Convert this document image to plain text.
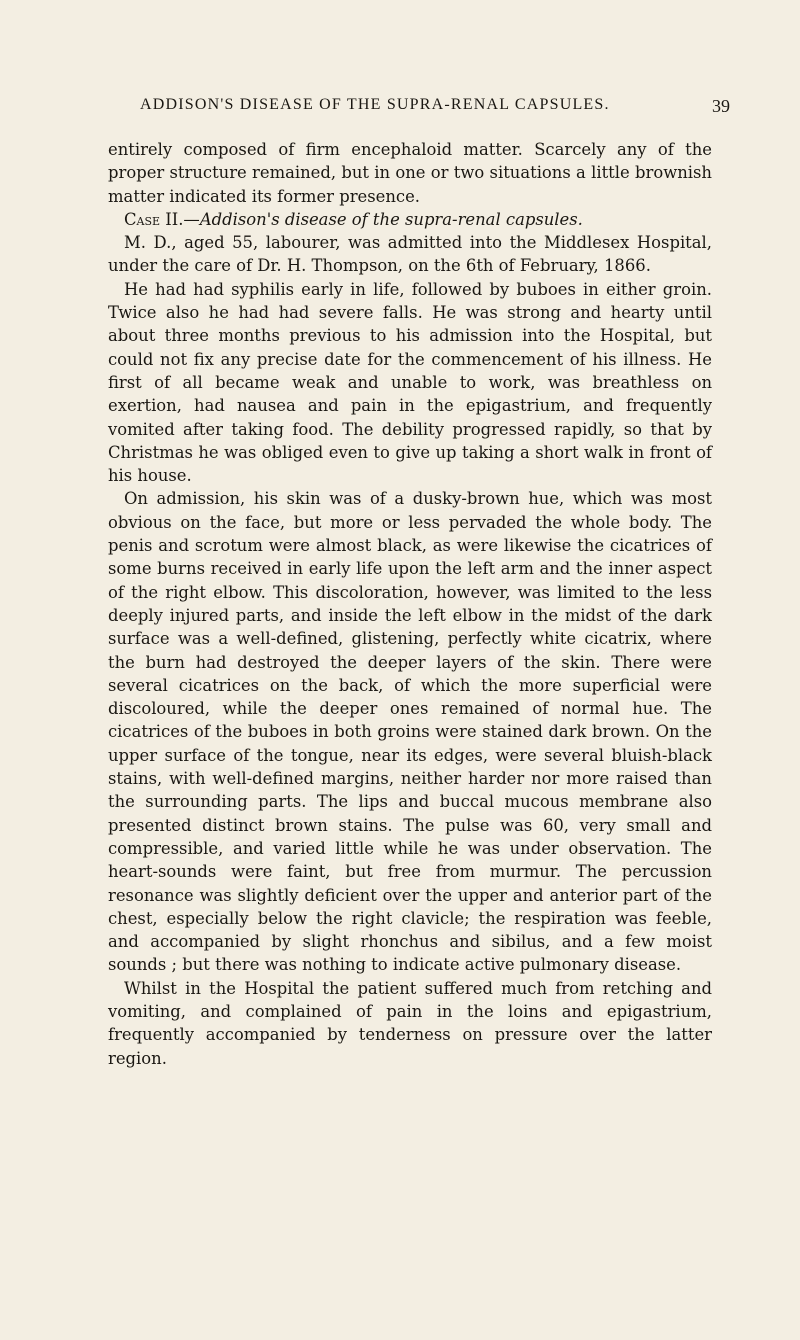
ADDISON'S DISEASE OF THE SUPRA-RENAL CAPSULES.	39

entirely composed of firm encephaloid matter. Scarcely any of the proper structure remained, but in one or two situations a little brownish matter indicated its former presence.

Case II.—Addison's disease of the supra-renal capsules.

M. D., aged 55, labourer, was admitted into the Middlesex Hospital, under the care of Dr. H. Thompson, on the 6th of February, 1866.

He had had syphilis early in life, followed by buboes in either groin. Twice also he had had severe falls. He was strong and hearty until about three months previous to his admission into the Hospital, but could not fix any precise date for the commencement of his illness. He first of all became weak and unable to work, was breathless on exertion, had nausea and pain in the epigastrium, and frequently vomited after taking food. The debility progressed rapidly, so that by Christmas he was obliged even to give up taking a short walk in front of his house.

On admission, his skin was of a dusky-brown hue, which was most obvious on the face, but more or less pervaded the whole body. The penis and scrotum were almost black, as were likewise the cicatrices of some burns received in early life upon the left arm and the inner aspect of the right elbow. This discoloration, however, was limited to the less deeply injured parts, and inside the left elbow in the midst of the dark surface was a well-defined, glistening, perfectly white cicatrix, where the burn had destroyed the deeper layers of the skin. There were several cicatrices on the back, of which the more superficial were discoloured, while the deeper ones remained of normal hue. The cicatrices of the buboes in both groins were stained dark brown. On the upper surface of the tongue, near its edges, were several bluish-black stains, with well-defined margins, neither harder nor more raised than the surrounding parts. The lips and buccal mucous membrane also presented distinct brown stains. The pulse was 60, very small and compressible, and varied little while he was under observation. The heart-sounds were faint, but free from murmur. The percussion resonance was slightly deficient over the upper and anterior part of the chest, especially below the right clavicle; the respiration was feeble, and accompanied by slight rhonchus and sibilus, and a few moist sounds ; but there was nothing to indicate active pulmonary disease.

Whilst in the Hospital the patient suffered much from retching and vomiting, and complained of pain in the loins and epigastrium, frequently accompanied by tenderness on pressure over the latter region.
